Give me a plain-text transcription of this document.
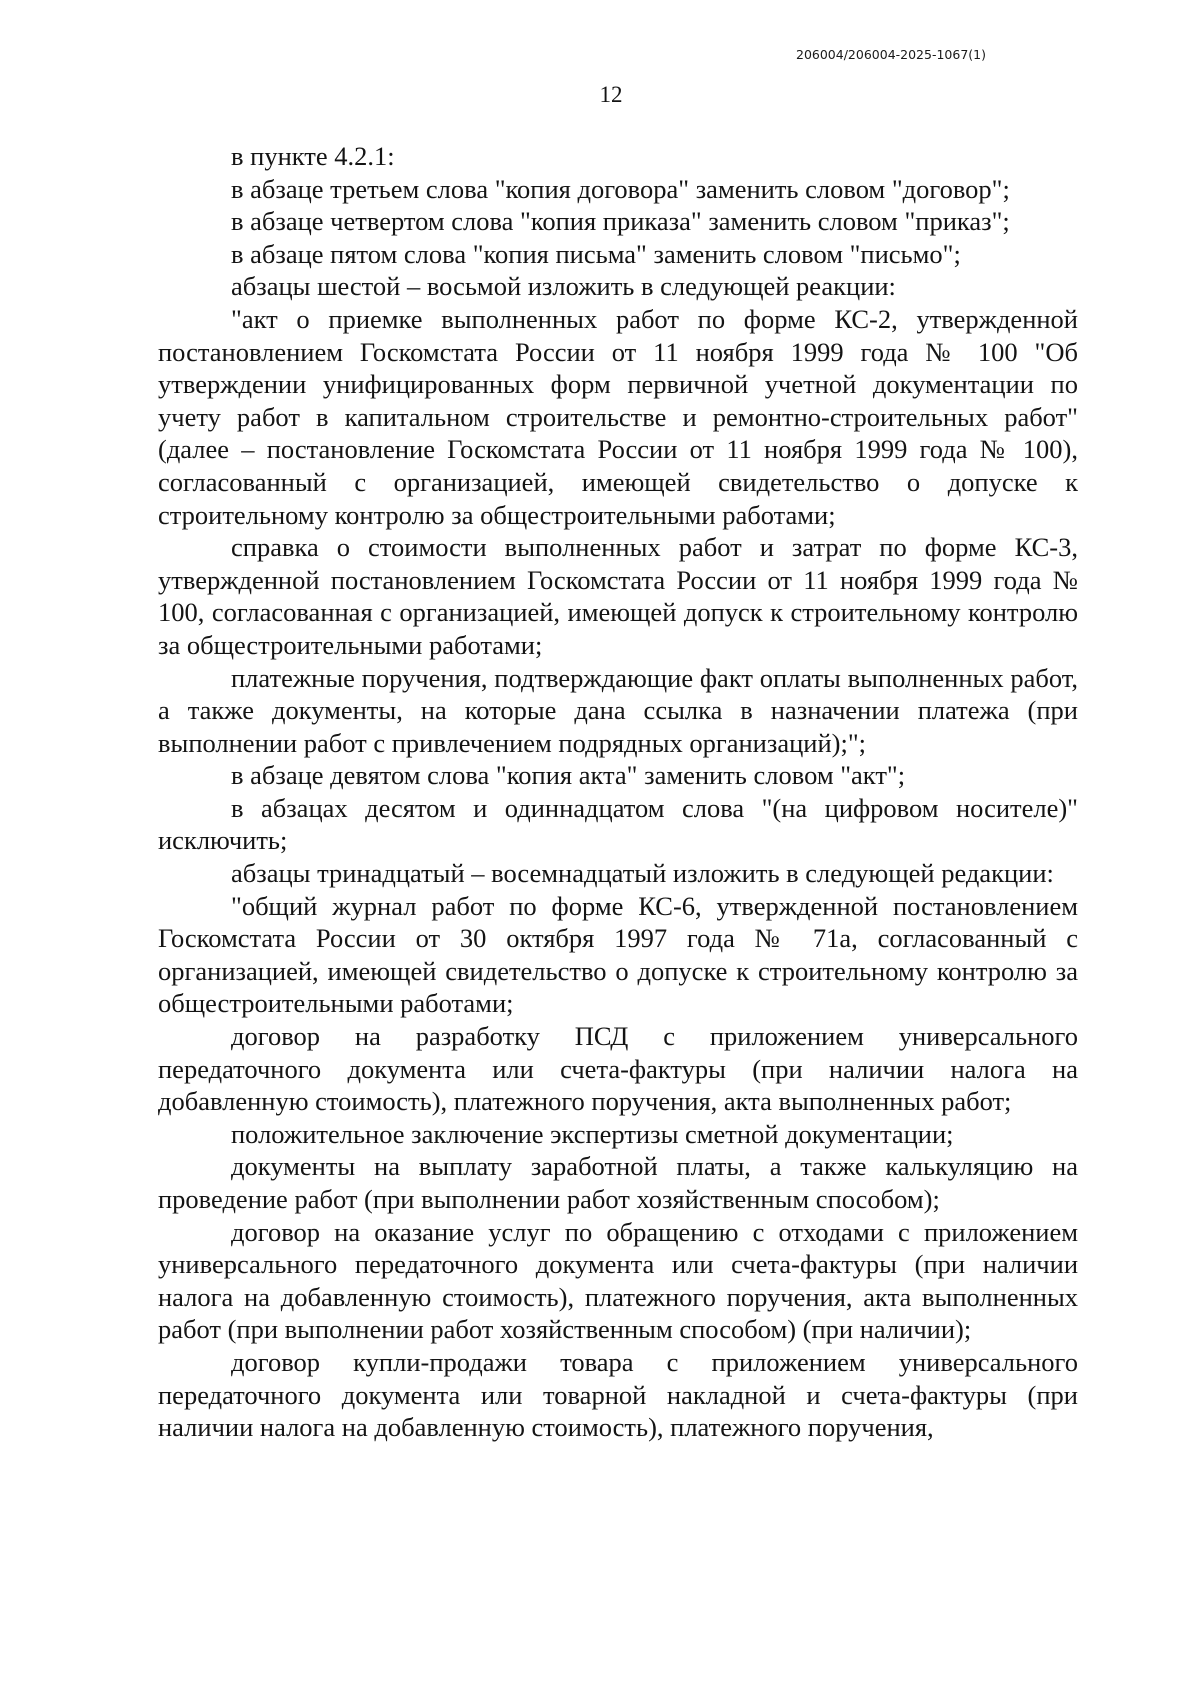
206004/206004-2025-1067(1)
12

в пункте 4.2.1:

в абзаце третьем слова "копия договора" заменить словом "договор";

в абзаце четвертом слова "копия приказа" заменить словом "приказ";

в абзаце пятом слова "копия письма" заменить словом "письмо";

абзацы шестой – восьмой изложить в следующей реакции:

"акт о приемке выполненных работ по форме КС-2, утвержденной постановлением Госкомстата России от 11 ноября 1999 года № 100 "Об утверждении унифицированных форм первичной учетной документации по учету работ в капитальном строительстве и ремонтно-строительных работ" (далее – постановление Госкомстата России от 11 ноября 1999 года № 100), согласованный с организацией, имеющей свидетельство о допуске к строительному контролю за общестроительными работами;

справка о стоимости выполненных работ и затрат по форме КС-3, утвержденной постановлением Госкомстата России от 11 ноября 1999 года № 100, согласованная с организацией, имеющей допуск к строительному контролю за общестроительными работами;

платежные поручения, подтверждающие факт оплаты выполненных работ, а также документы, на которые дана ссылка в назначении платежа (при выполнении работ с привлечением подрядных организаций);";

в абзаце девятом слова "копия акта" заменить словом "акт";

в абзацах десятом и одиннадцатом слова "(на цифровом носителе)" исключить;

абзацы тринадцатый – восемнадцатый изложить в следующей редакции:

"общий журнал работ по форме КС-6, утвержденной постановлением Госкомстата России от 30 октября 1997 года № 71а, согласованный с организацией, имеющей свидетельство о допуске к строительному контролю за общестроительными работами;

договор на разработку ПСД с приложением универсального передаточного документа или счета-фактуры (при наличии налога на добавленную стоимость), платежного поручения, акта выполненных работ;

положительное заключение экспертизы сметной документации;

документы на выплату заработной платы, а также калькуляцию на проведение работ (при выполнении работ хозяйственным способом);

договор на оказание услуг по обращению с отходами с приложением универсального передаточного документа или счета-фактуры (при наличии налога на добавленную стоимость), платежного поручения, акта выполненных работ (при выполнении работ хозяйственным способом) (при наличии);

договор купли-продажи товара с приложением универсального передаточного документа или товарной накладной и счета-фактуры (при наличии налога на добавленную стоимость), платежного поручения,
